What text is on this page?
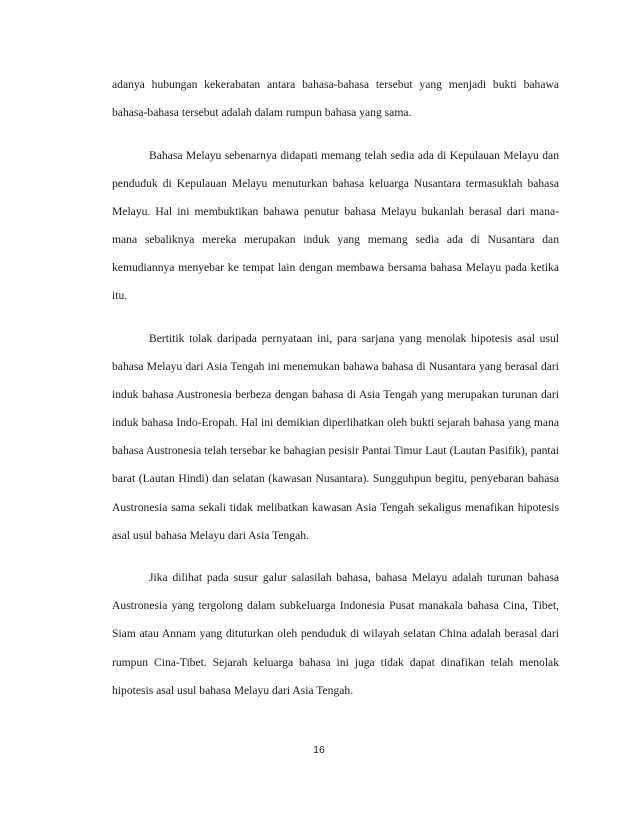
adanya hubungan kekerabatan antara bahasa-bahasa tersebut yang menjadi bukti bahawa bahasa-bahasa tersebut adalah dalam rumpun bahasa yang sama.

Bahasa Melayu sebenarnya didapati memang telah sedia ada di Kepulauan Melayu dan penduduk di Kepulauan Melayu menuturkan bahasa keluarga Nusantara termasuklah bahasa Melayu. Hal ini membuktikan bahawa penutur bahasa Melayu bukanlah berasal dari mana-mana sebaliknya mereka merupakan induk yang memang sedia ada di Nusantara dan kemudiannya menyebar ke tempat lain dengan membawa bersama bahasa Melayu pada ketika itu.

Bertitik tolak daripada pernyataan ini, para sarjana yang menolak hipotesis asal usul bahasa Melayu dari Asia Tengah ini menemukan bahawa bahasa di Nusantara yang berasal dari induk bahasa Austronesia berbeza dengan bahasa di Asia Tengah yang merupakan turunan dari induk bahasa Indo-Eropah. Hal ini demikian diperlihatkan oleh bukti sejarah bahasa yang mana bahasa Austronesia telah tersebar ke bahagian pesisir Pantai Timur Laut (Lautan Pasifik), pantai barat (Lautan Hindi) dan selatan (kawasan Nusantara). Sungguhpun begitu, penyebaran bahasa Austronesia sama sekali tidak melibatkan kawasan Asia Tengah sekaligus menafikan hipotesis asal usul bahasa Melayu dari Asia Tengah.

Jika dilihat pada susur galur salasilah bahasa, bahasa Melayu adalah turunan bahasa Austronesia yang tergolong dalam subkeluarga Indonesia Pusat manakala bahasa Cina, Tibet, Siam atau Annam yang dituturkan oleh penduduk di wilayah selatan China adalah berasal dari rumpun Cina-Tibet. Sejarah keluarga bahasa ini juga tidak dapat dinafikan telah menolak hipotesis asal usul bahasa Melayu dari Asia Tengah.

16
